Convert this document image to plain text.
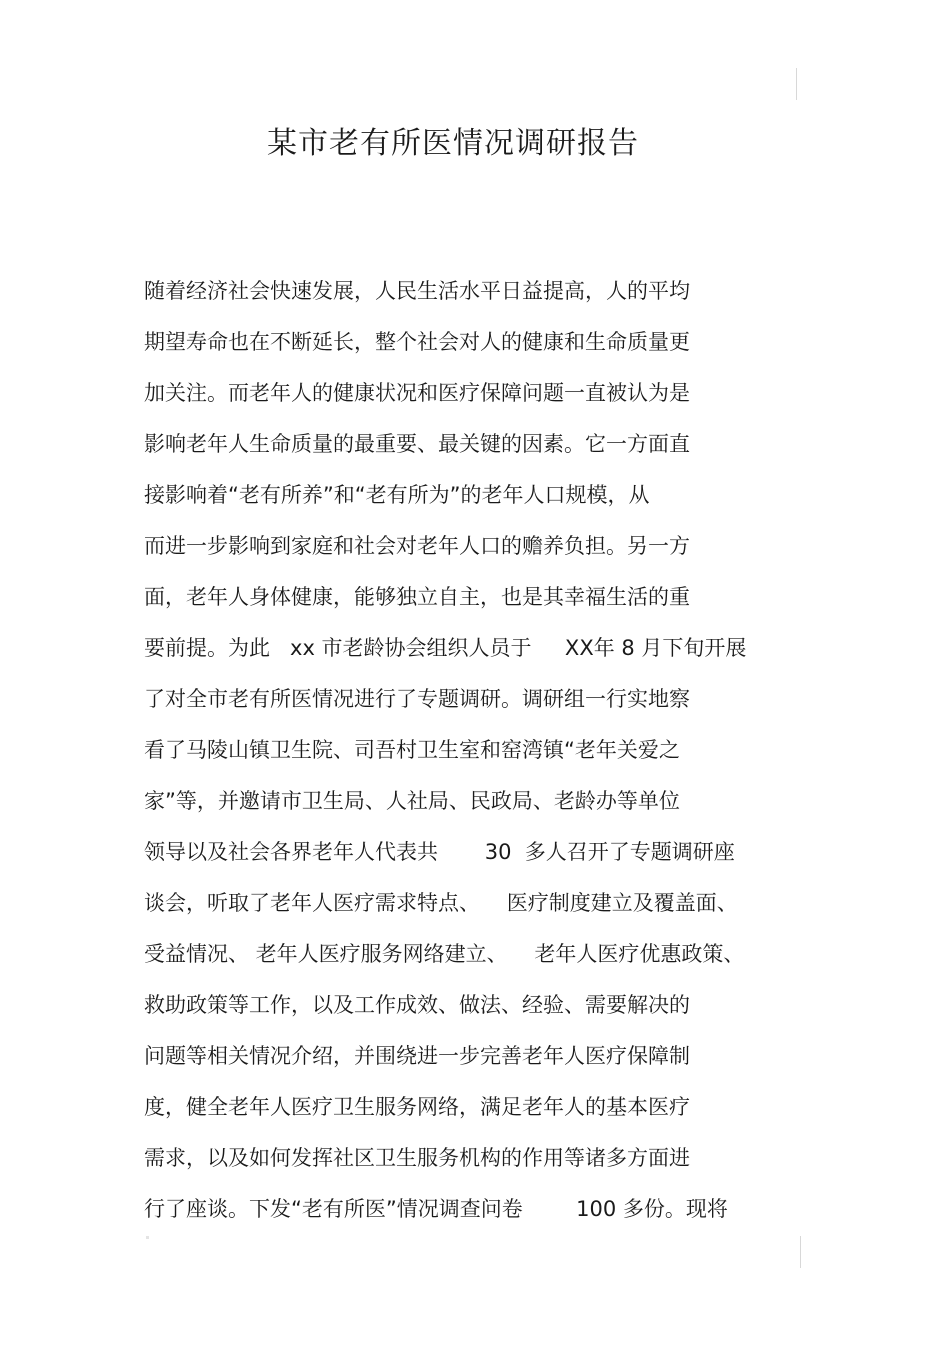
某市老有所医情况调研报告
随着经济社会快速发展，人民生活水平日益提高，人的平均
期望寿命也在不断延长，整个社会对人的健康和生命质量更
加关注。而老年人的健康状况和医疗保障问题一直被认为是
影响老年人生命质量的最重要、最关键的因素。它一方面直
接影响着“老有所养”和“老有所为”的老年人口规模，从
而进一步影响到家庭和社会对老年人口的赡养负担。另一方
面，老年人身体健康，能够独立自主，也是其幸福生活的重
要前提。为此   xx 市老龄协会组织人员于     XX年 8 月下旬开展
了对全市老有所医情况进行了专题调研。调研组一行实地察
看了马陵山镇卫生院、司吾村卫生室和窑湾镇“老年关爱之
家”等，并邀请市卫生局、人社局、民政局、老龄办等单位
领导以及社会各界老年人代表共       30  多人召开了专题调研座
谈会，听取了老年人医疗需求特点、    医疗制度建立及覆盖面、
受益情况、 老年人医疗服务网络建立、    老年人医疗优惠政策、
救助政策等工作，以及工作成效、做法、经验、需要解决的
问题等相关情况介绍，并围绕进一步完善老年人医疗保障制
度，健全老年人医疗卫生服务网络，满足老年人的基本医疗
需求，以及如何发挥社区卫生服务机构的作用等诸多方面进
行了座谈。下发“老有所医”情况调查问卷        100 多份。现将
